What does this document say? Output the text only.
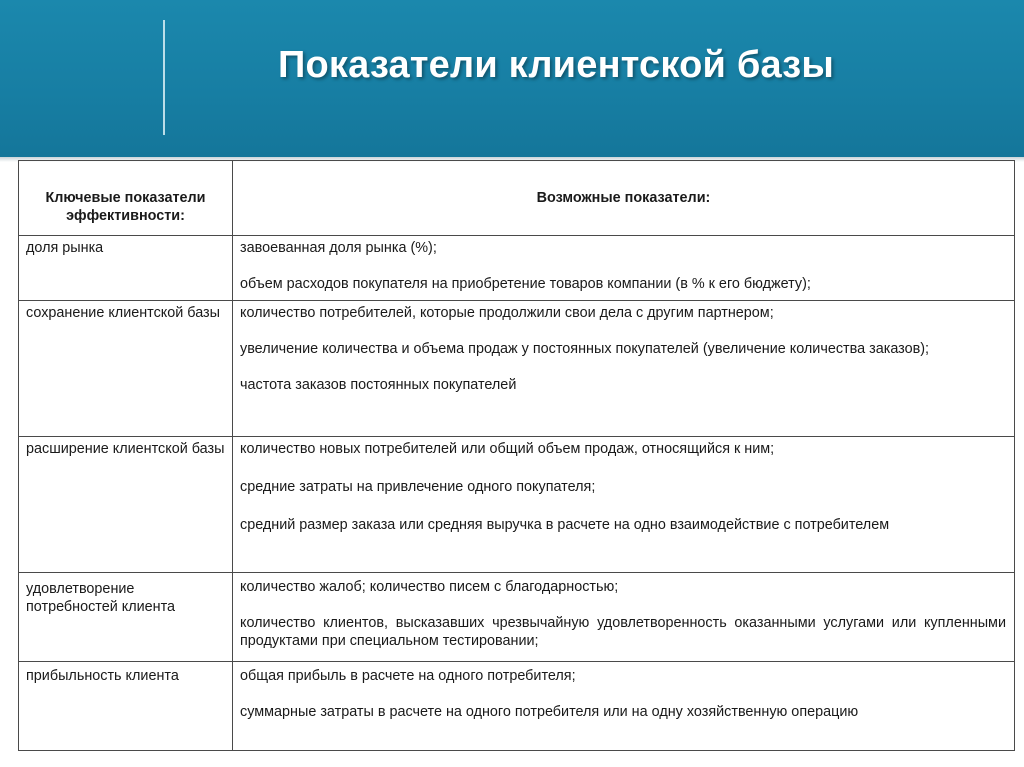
Показатели клиентской базы
Ключевые показатели эффективности:	Возможные показатели:

доля рынка	завоеванная доля рынка (%);

объем расходов покупателя на приобретение товаров компании (в % к его бюджету);

сохранение клиентской базы	количество потребителей, которые продолжили свои дела с другим партнером;

увеличение количества и объема продаж у постоянных покупателей (увеличение количества заказов);

частота заказов постоянных покупателей

расширение клиентской базы	количество новых потребителей или общий объем продаж, относящийся к ним;

средние затраты на привлечение одного покупателя;

средний размер заказа или средняя выручка в расчете на одно взаимодействие с потребителем

удовлетворение потребностей клиента	количество жалоб; количество писем с благодарностью;

количество клиентов, высказавших чрезвычайную удовлетворенность оказанными услугами или купленными продуктами при специальном тестировании;

прибыльность клиента	общая прибыль в расчете на одного потребителя;

суммарные затраты в расчете на одного потребителя или на одну хозяйственную операцию
